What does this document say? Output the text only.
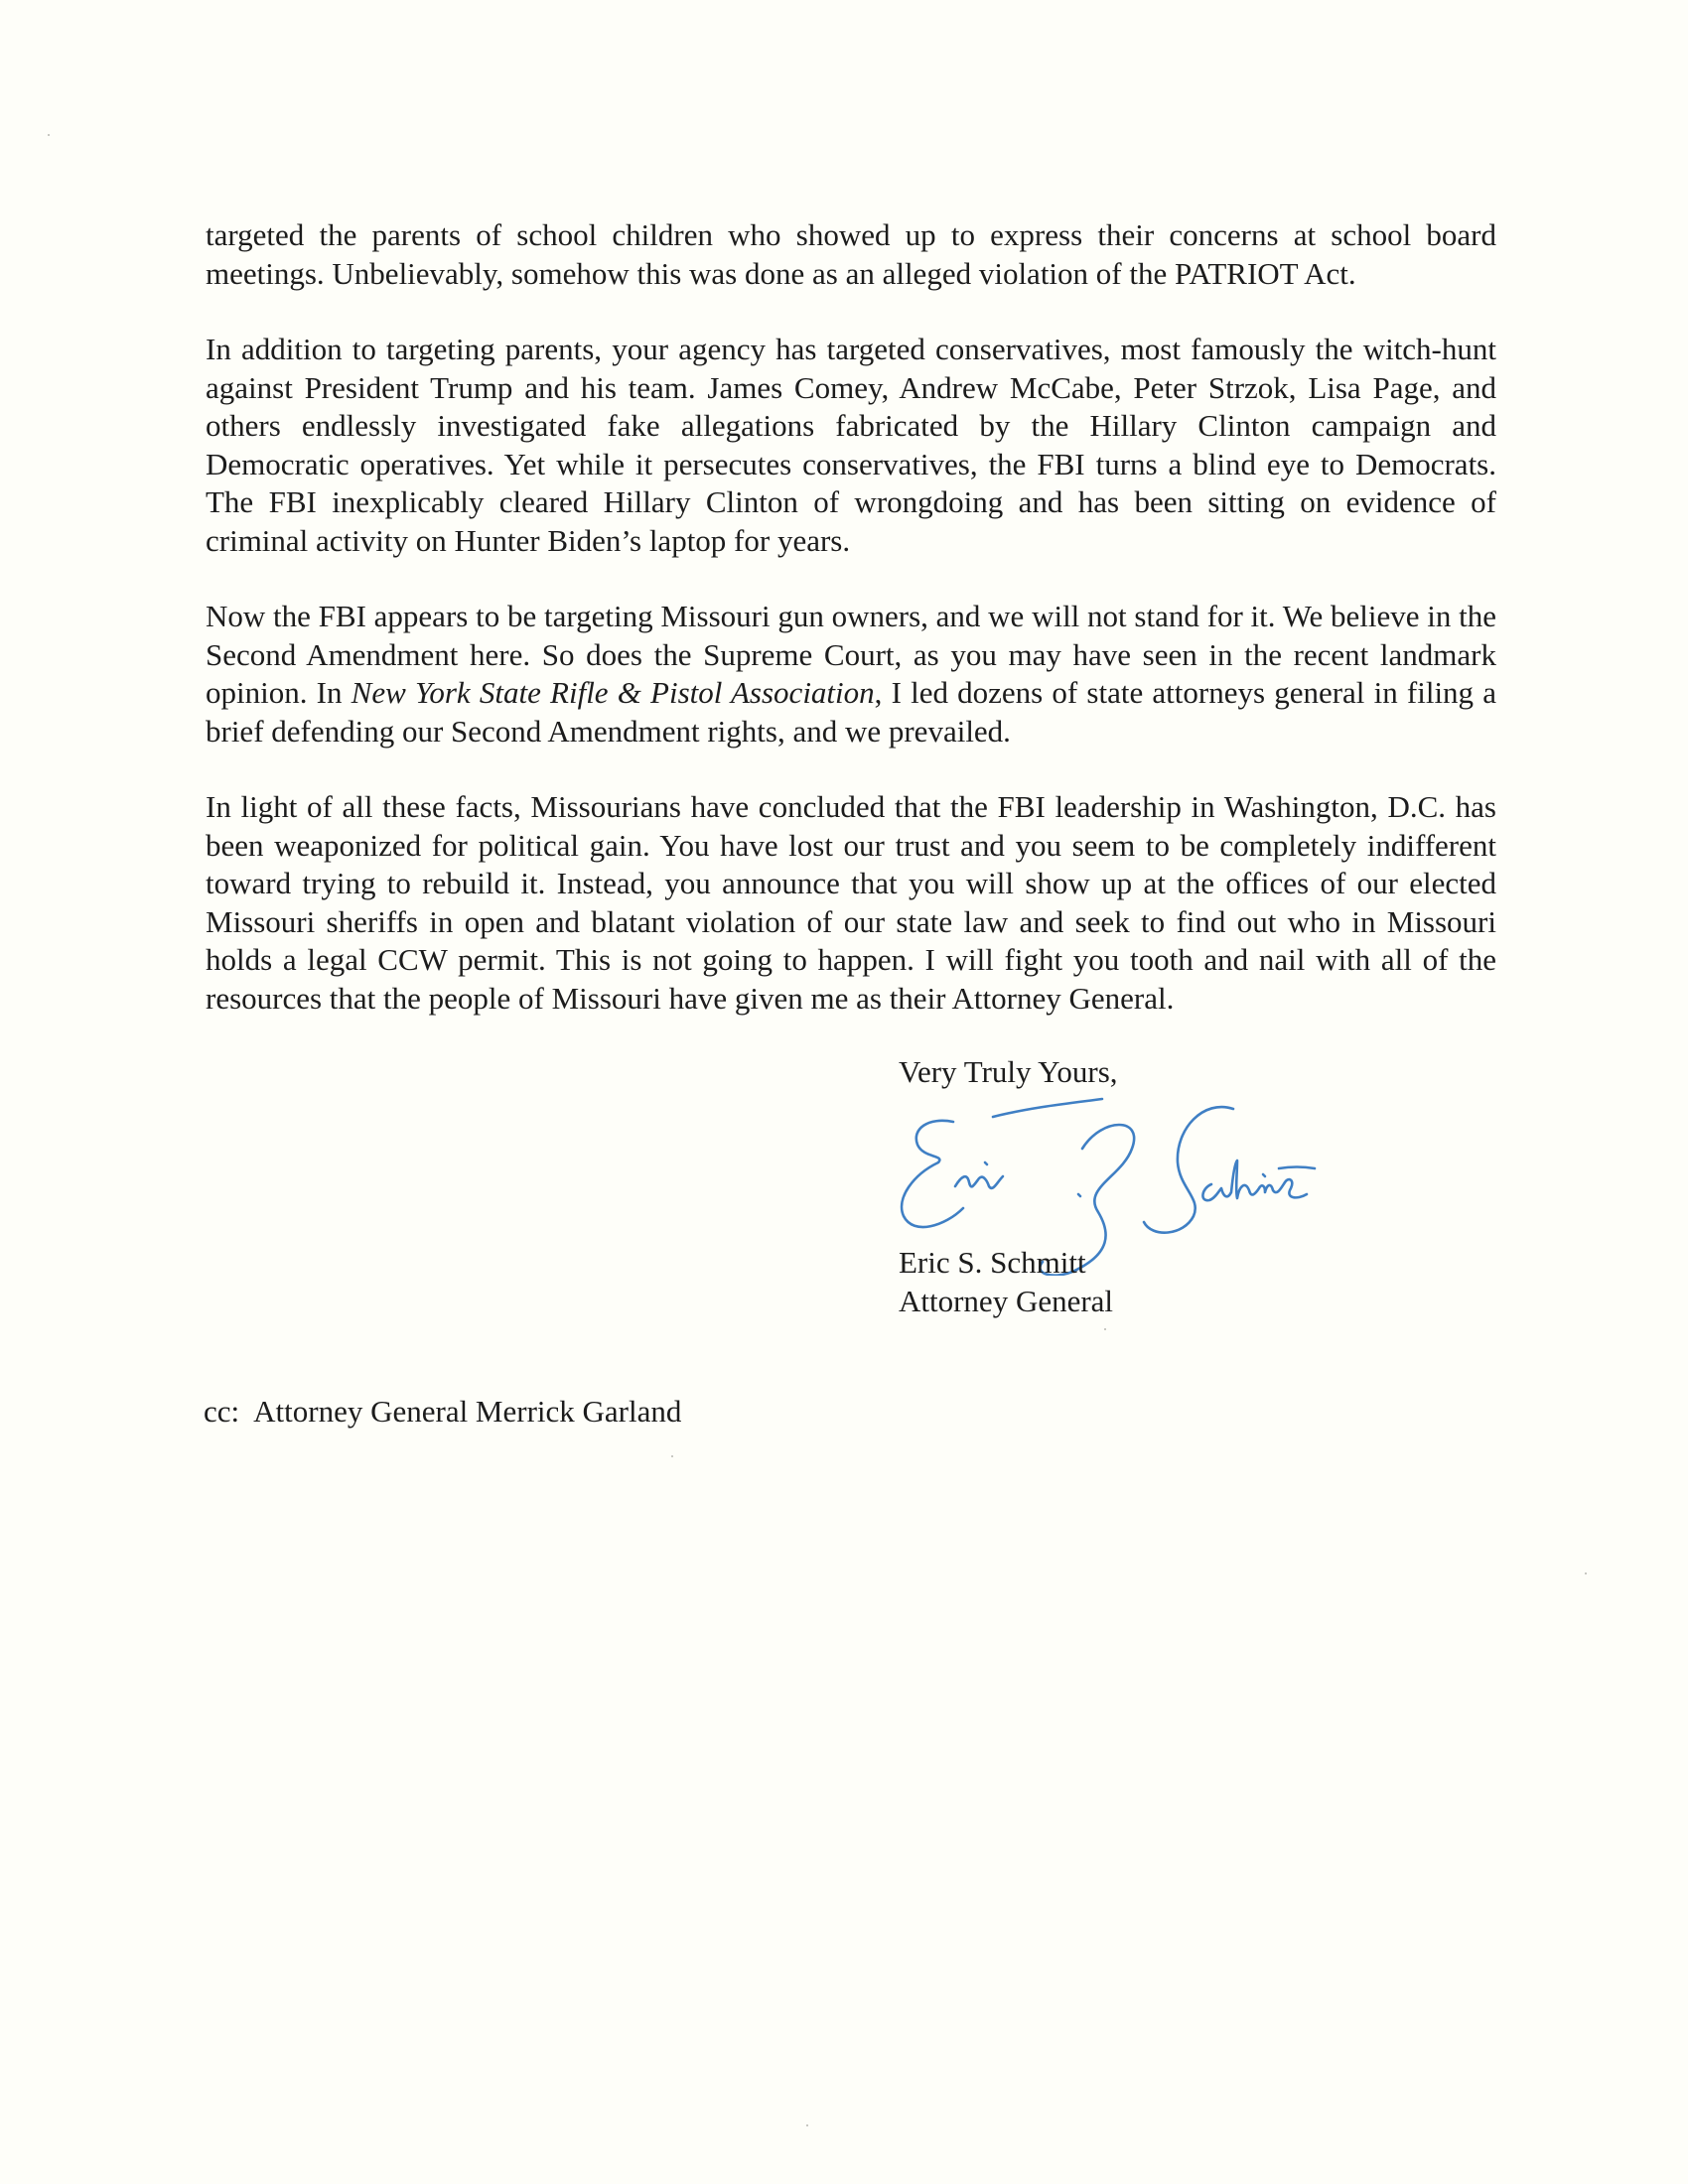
targeted the parents of school children who showed up to express their concerns at school board meetings. Unbelievably, somehow this was done as an alleged violation of the PATRIOT Act.

In addition to targeting parents, your agency has targeted conservatives, most famously the witch-hunt against President Trump and his team. James Comey, Andrew McCabe, Peter Strzok, Lisa Page, and others endlessly investigated fake allegations fabricated by the Hillary Clinton campaign and Democratic operatives. Yet while it persecutes conservatives, the FBI turns a blind eye to Democrats. The FBI inexplicably cleared Hillary Clinton of wrongdoing and has been sitting on evidence of criminal activity on Hunter Biden’s laptop for years.

Now the FBI appears to be targeting Missouri gun owners, and we will not stand for it. We believe in the Second Amendment here. So does the Supreme Court, as you may have seen in the recent landmark opinion. In New York State Rifle & Pistol Association, I led dozens of state attorneys general in filing a brief defending our Second Amendment rights, and we prevailed.

In light of all these facts, Missourians have concluded that the FBI leadership in Washington, D.C. has been weaponized for political gain. You have lost our trust and you seem to be completely indifferent toward trying to rebuild it. Instead, you announce that you will show up at the offices of our elected Missouri sheriffs in open and blatant violation of our state law and seek to find out who in Missouri holds a legal CCW permit. This is not going to happen. I will fight you tooth and nail with all of the resources that the people of Missouri have given me as their Attorney General.

Very Truly Yours,
Eric S. Schmitt
Attorney General
cc: Attorney General Merrick Garland
